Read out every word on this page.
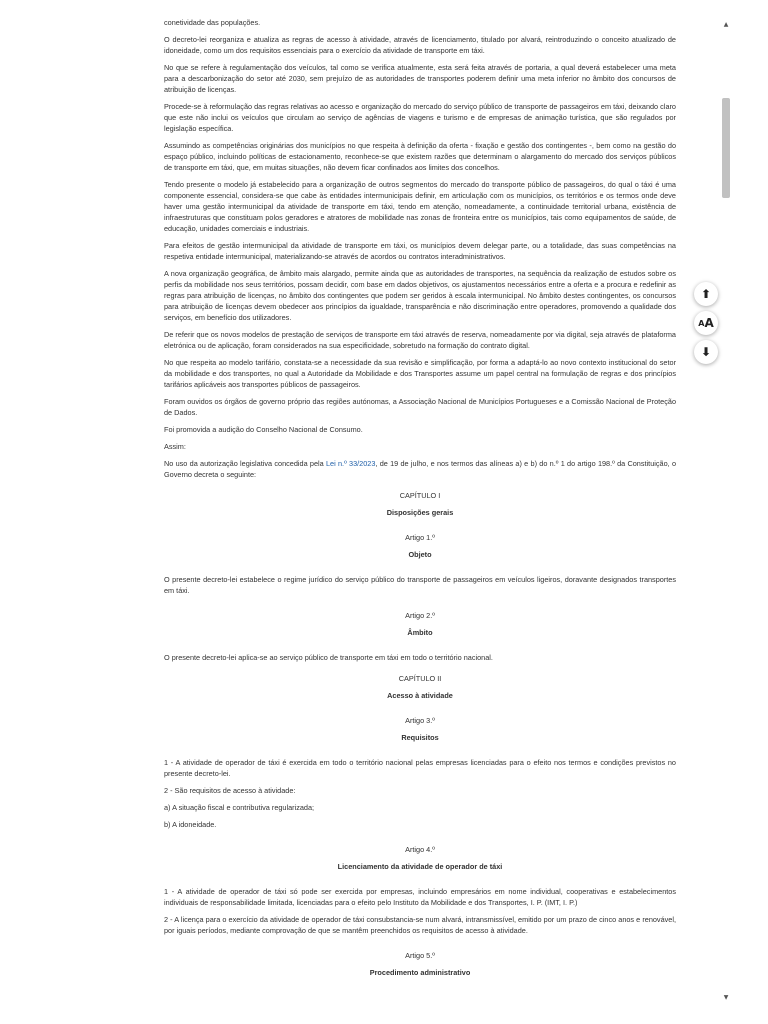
conetividade das populações.

O decreto-lei reorganiza e atualiza as regras de acesso à atividade, através de licenciamento, titulado por alvará, reintroduzindo o conceito atualizado de idoneidade, como um dos requisitos essenciais para o exercício da atividade de transporte em táxi.

No que se refere à regulamentação dos veículos, tal como se verifica atualmente, esta será feita através de portaria, a qual deverá estabelecer uma meta para a descarbonização do setor até 2030, sem prejuízo de as autoridades de transportes poderem definir uma meta inferior no âmbito dos concursos de atribuição de licenças.

Procede-se à reformulação das regras relativas ao acesso e organização do mercado do serviço público de transporte de passageiros em táxi, deixando claro que este não inclui os veículos que circulam ao serviço de agências de viagens e turismo e de empresas de animação turística, que são regulados por legislação específica.

Assumindo as competências originárias dos municípios no que respeita à definição da oferta - fixação e gestão dos contingentes -, bem como na gestão do espaço público, incluindo políticas de estacionamento, reconhece-se que existem razões que determinam o alargamento do mercado dos serviços públicos de transporte em táxi, que, em muitas situações, não devem ficar confinados aos limites dos concelhos.

Tendo presente o modelo já estabelecido para a organização de outros segmentos do mercado do transporte público de passageiros, do qual o táxi é uma componente essencial, considera-se que cabe às entidades intermunicipais definir, em articulação com os municípios, os territórios e os termos onde deve haver uma gestão intermunicipal da atividade de transporte em táxi, tendo em atenção, nomeadamente, a continuidade territorial urbana, existência de infraestruturas que constituam polos geradores e atratores de mobilidade nas zonas de fronteira entre os municípios, tais como equipamentos de saúde, de educação, unidades comerciais e industriais.

Para efeitos de gestão intermunicipal da atividade de transporte em táxi, os municípios devem delegar parte, ou a totalidade, das suas competências na respetiva entidade intermunicipal, materializando-se através de acordos ou contratos interadministrativos.

A nova organização geográfica, de âmbito mais alargado, permite ainda que as autoridades de transportes, na sequência da realização de estudos sobre os perfis da mobilidade nos seus territórios, possam decidir, com base em dados objetivos, os ajustamentos necessários entre a oferta e a procura e redefinir as regras para atribuição de licenças, no âmbito dos contingentes que podem ser geridos à escala intermunicipal. No âmbito destes contingentes, os concursos para atribuição de licenças devem obedecer aos princípios da igualdade, transparência e não discriminação entre operadores, promovendo a qualidade dos serviços, em benefício dos utilizadores.

De referir que os novos modelos de prestação de serviços de transporte em táxi através de reserva, nomeadamente por via digital, seja através de plataforma eletrónica ou de aplicação, foram considerados na sua especificidade, sobretudo na formação do contrato digital.

No que respeita ao modelo tarifário, constata-se a necessidade da sua revisão e simplificação, por forma a adaptá-lo ao novo contexto institucional do setor da mobilidade e dos transportes, no qual a Autoridade da Mobilidade e dos Transportes assume um papel central na formulação de regras e dos princípios tarifários aplicáveis aos transportes públicos de passageiros.

Foram ouvidos os órgãos de governo próprio das regiões autónomas, a Associação Nacional de Municípios Portugueses e a Comissão Nacional de Proteção de Dados.

Foi promovida a audição do Conselho Nacional de Consumo.

Assim:

No uso da autorização legislativa concedida pela Lei n.º 33/2023, de 19 de julho, e nos termos das alíneas a) e b) do n.º 1 do artigo 198.º da Constituição, o Governo decreta o seguinte:

CAPÍTULO I

Disposições gerais

Artigo 1.º

Objeto

O presente decreto-lei estabelece o regime jurídico do serviço público do transporte de passageiros em veículos ligeiros, doravante designados transportes em táxi.

Artigo 2.º

Âmbito

O presente decreto-lei aplica-se ao serviço público de transporte em táxi em todo o território nacional.

CAPÍTULO II

Acesso à atividade

Artigo 3.º

Requisitos

1 - A atividade de operador de táxi é exercida em todo o território nacional pelas empresas licenciadas para o efeito nos termos e condições previstos no presente decreto-lei.

2 - São requisitos de acesso à atividade:

a) A situação fiscal e contributiva regularizada;

b) A idoneidade.

Artigo 4.º

Licenciamento da atividade de operador de táxi

1 - A atividade de operador de táxi só pode ser exercida por empresas, incluindo empresários em nome individual, cooperativas e estabelecimentos individuais de responsabilidade limitada, licenciadas para o efeito pelo Instituto da Mobilidade e dos Transportes, I. P. (IMT, I. P.)

2 - A licença para o exercício da atividade de operador de táxi consubstancia-se num alvará, intransmissível, emitido por um prazo de cinco anos e renovável, por iguais períodos, mediante comprovação de que se mantêm preenchidos os requisitos de acesso à atividade.

Artigo 5.º

Procedimento administrativo

▲
▼
⬆
A A
⬇
